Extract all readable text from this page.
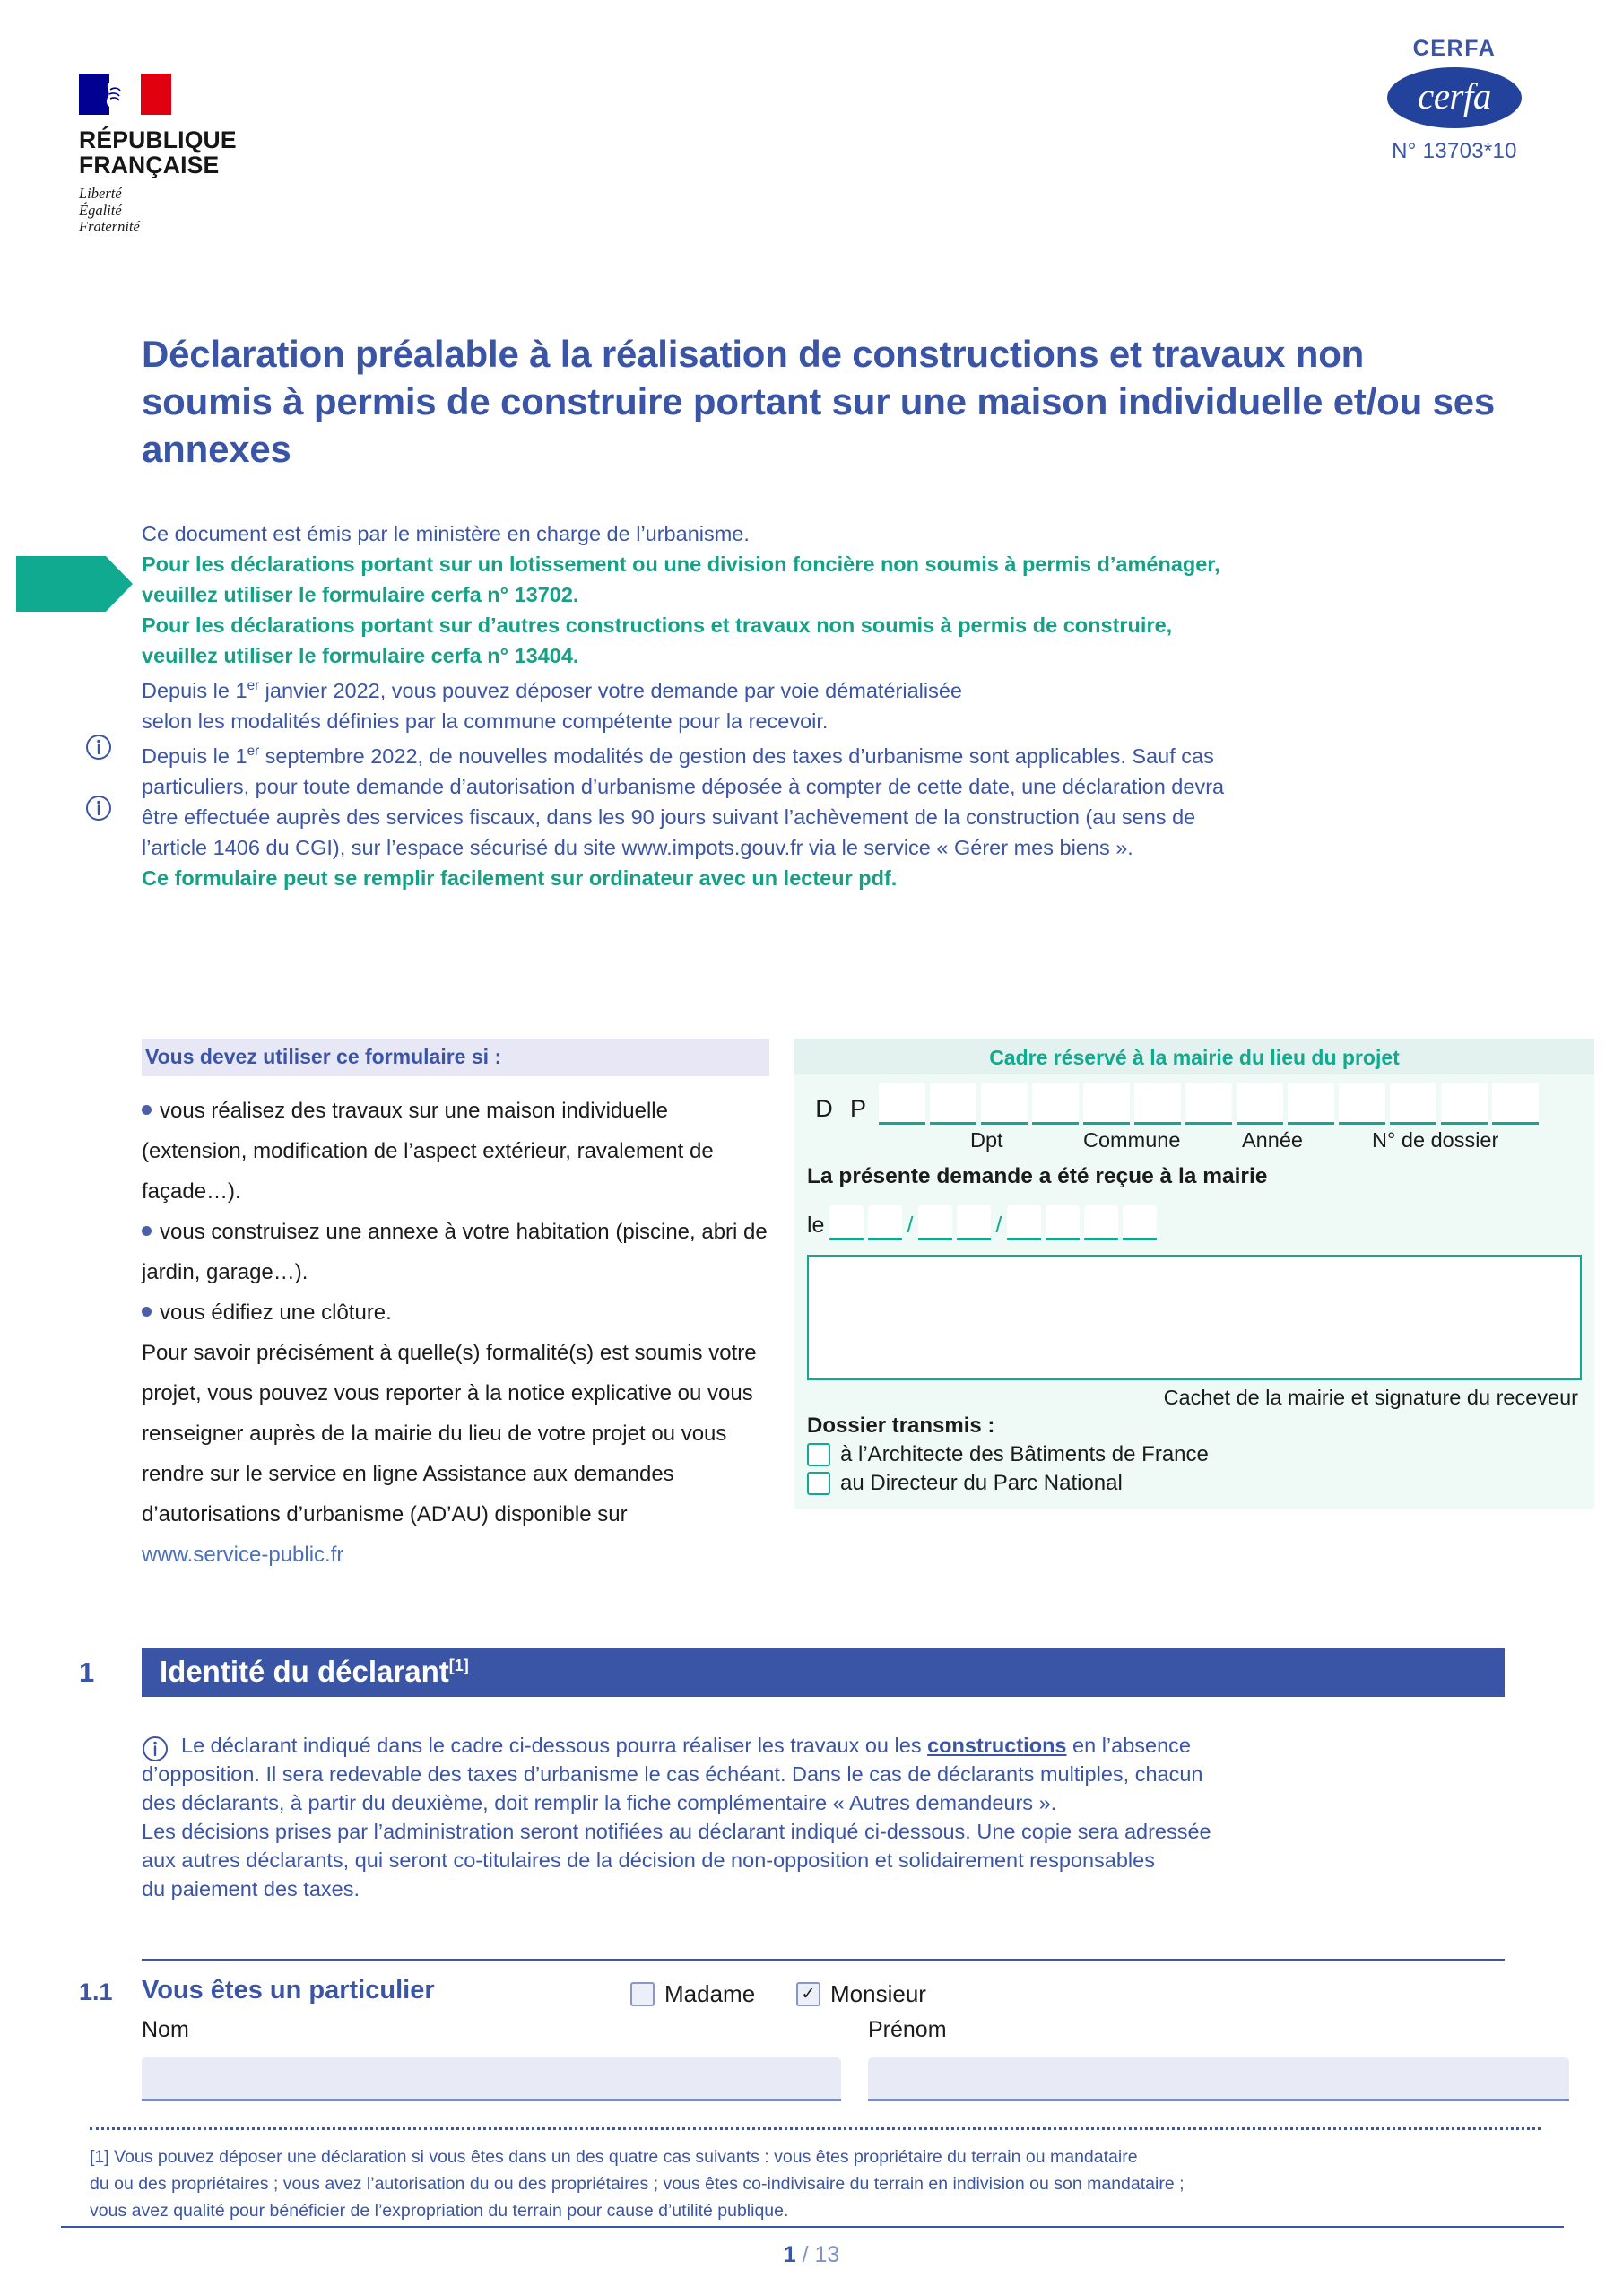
RÉPUBLIQUE
FRANÇAISE
Liberté
Égalité
Fraternité
CERFA
cerfa
N° 13703*10
Déclaration préalable à la réalisation de constructions et travaux non soumis à permis de construire portant sur une maison individuelle et/ou ses annexes

Ce document est émis par le ministère en charge de l’urbanisme.

Pour les déclarations portant sur un lotissement ou une division foncière non soumis à permis d’aménager,

veuillez utiliser le formulaire cerfa n° 13702.

Pour les déclarations portant sur d’autres constructions et travaux non soumis à permis de construire,

veuillez utiliser le formulaire cerfa n° 13404.

Depuis le 1er janvier 2022, vous pouvez déposer votre demande par voie dématérialisée

selon les modalités définies par la commune compétente pour la recevoir.

Depuis le 1er septembre 2022, de nouvelles modalités de gestion des taxes d’urbanisme sont applicables. Sauf cas

particuliers, pour toute demande d’autorisation d’urbanisme déposée à compter de cette date, une déclaration devra

être effectuée auprès des services fiscaux, dans les 90 jours suivant l’achèvement de la construction (au sens de

l’article 1406 du CGI), sur l’espace sécurisé du site www.impots.gouv.fr via le service « Gérer mes biens ».

Ce formulaire peut se remplir facilement sur ordinateur avec un lecteur pdf.

Vous devez utiliser ce formulaire si :
vous réalisez des travaux sur une maison individuelle (extension, modification de l’aspect extérieur, ravalement de façade…).
vous construisez une annexe à votre habitation (piscine, abri de jardin, garage…).
vous édifiez une clôture.
Pour savoir précisément à quelle(s) formalité(s) est soumis votre projet, vous pouvez vous reporter à la notice explicative ou vous renseigner auprès de la mairie du lieu de votre projet ou vous rendre sur le service en ligne Assistance aux demandes d’autorisations d’urbanisme (AD’AU) disponible sur
www.service-public.fr
Cadre réservé à la mairie du lieu du projet
D P
Dpt	Commune	Année	N° de dossier
La présente demande a été reçue à la mairie
le	/	/
Cachet de la mairie et signature du receveur
Dossier transmis :
à l’Architecte des Bâtiments de France
au Directeur du Parc National
1	Identité du déclarant[1]
Le déclarant indiqué dans le cadre ci-dessous pourra réaliser les travaux ou les constructions en l’absence
d’opposition. Il sera redevable des taxes d’urbanisme le cas échéant. Dans le cas de déclarants multiples, chacun
des déclarants, à partir du deuxième, doit remplir la fiche complémentaire « Autres demandeurs ».
Les décisions prises par l’administration seront notifiées au déclarant indiqué ci-dessous. Une copie sera adressée
aux autres déclarants, qui seront co-titulaires de la décision de non-opposition et solidairement responsables
du paiement des taxes.
1.1 Vous êtes un particulier	Madame	✓ Monsieur
Nom	Prénom
[1] Vous pouvez déposer une déclaration si vous êtes dans un des quatre cas suivants : vous êtes propriétaire du terrain ou mandataire
du ou des propriétaires ; vous avez l’autorisation du ou des propriétaires ; vous êtes co-indivisaire du terrain en indivision ou son mandataire ;
vous avez qualité pour bénéficier de l’expropriation du terrain pour cause d’utilité publique.
1 / 13
